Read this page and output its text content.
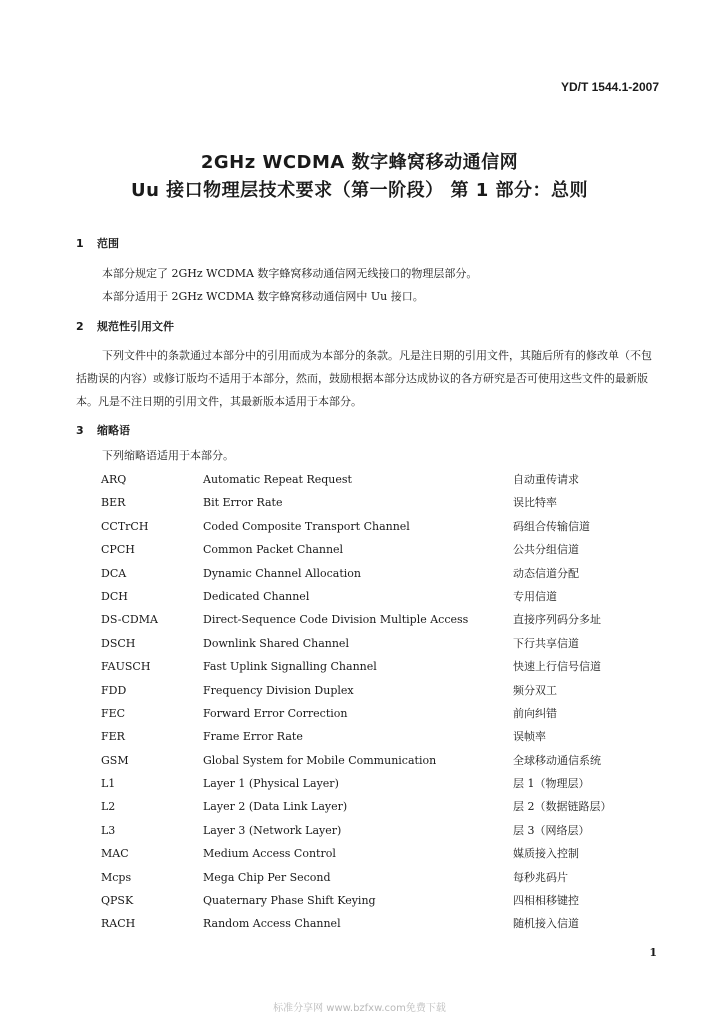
YD/T 1544.1-2007
2GHz WCDMA 数字蜂窝移动通信网
Uu 接口物理层技术要求（第一阶段） 第 1 部分：总则
1 范围

本部分规定了 2GHz WCDMA 数字蜂窝移动通信网无线接口的物理层部分。

本部分适用于 2GHz WCDMA 数字蜂窝移动通信网中 Uu 接口。

2 规范性引用文件

下列文件中的条款通过本部分中的引用而成为本部分的条款。凡是注日期的引用文件，其随后所有的修改单（不包括勘误的内容）或修订版均不适用于本部分，然而，鼓励根据本部分达成协议的各方研究是否可使用这些文件的最新版本。凡是不注日期的引用文件，其最新版本适用于本部分。

3 缩略语

下列缩略语适用于本部分。

ARQ	Automatic Repeat Request	自动重传请求
BER	Bit Error Rate	误比特率
CCTrCH	Coded Composite Transport Channel	码组合传输信道
CPCH	Common Packet Channel	公共分组信道
DCA	Dynamic Channel Allocation	动态信道分配
DCH	Dedicated Channel	专用信道
DS-CDMA	Direct-Sequence Code Division Multiple Access	直接序列码分多址
DSCH	Downlink Shared Channel	下行共享信道
FAUSCH	Fast Uplink Signalling Channel	快速上行信号信道
FDD	Frequency Division Duplex	频分双工
FEC	Forward Error Correction	前向纠错
FER	Frame Error Rate	误帧率
GSM	Global System for Mobile Communication	全球移动通信系统
L1	Layer 1 (Physical Layer)	层 1（物理层）
L2	Layer 2 (Data Link Layer)	层 2（数据链路层）
L3	Layer 3 (Network Layer)	层 3（网络层）
MAC	Medium Access Control	媒质接入控制
Mcps	Mega Chip Per Second	每秒兆码片
QPSK	Quaternary Phase Shift Keying	四相相移键控
RACH	Random Access Channel	随机接入信道
1
标准分享网 www.bzfxw.com免费下载
